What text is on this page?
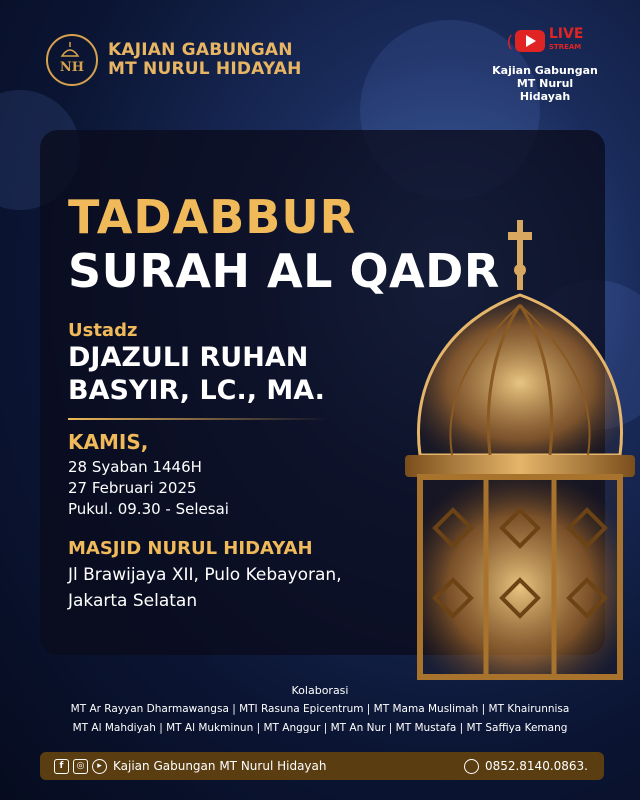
NH
KAJIAN GABUNGAN
MT NURUL HIDAYAH
(	LIVE
STREAM
Kajian Gabungan
MT Nurul Hidayah
TADABBUR
SURAH AL QADR
Ustadz
DJAZULI RUHAN
BASYIR, LC., MA.
KAMIS,
28 Syaban 1446H
27 Februari 2025
Pukul. 09.30 - Selesai
MASJID NURUL HIDAYAH
Jl Brawijaya XII, Pulo Kebayoran,
Jakarta Selatan
Kolaborasi
MT Ar Rayyan Dharmawangsa | MTI Rasuna Epicentrum | MT Mama Muslimah | MT Khairunnisa
MT Al Mahdiyah | MT Al Mukminun | MT Anggur | MT An Nur | MT Mustafa | MT Saffiya Kemang
f	◎	▸ Kajian Gabungan MT Nurul Hidayah	0852.8140.0863.
